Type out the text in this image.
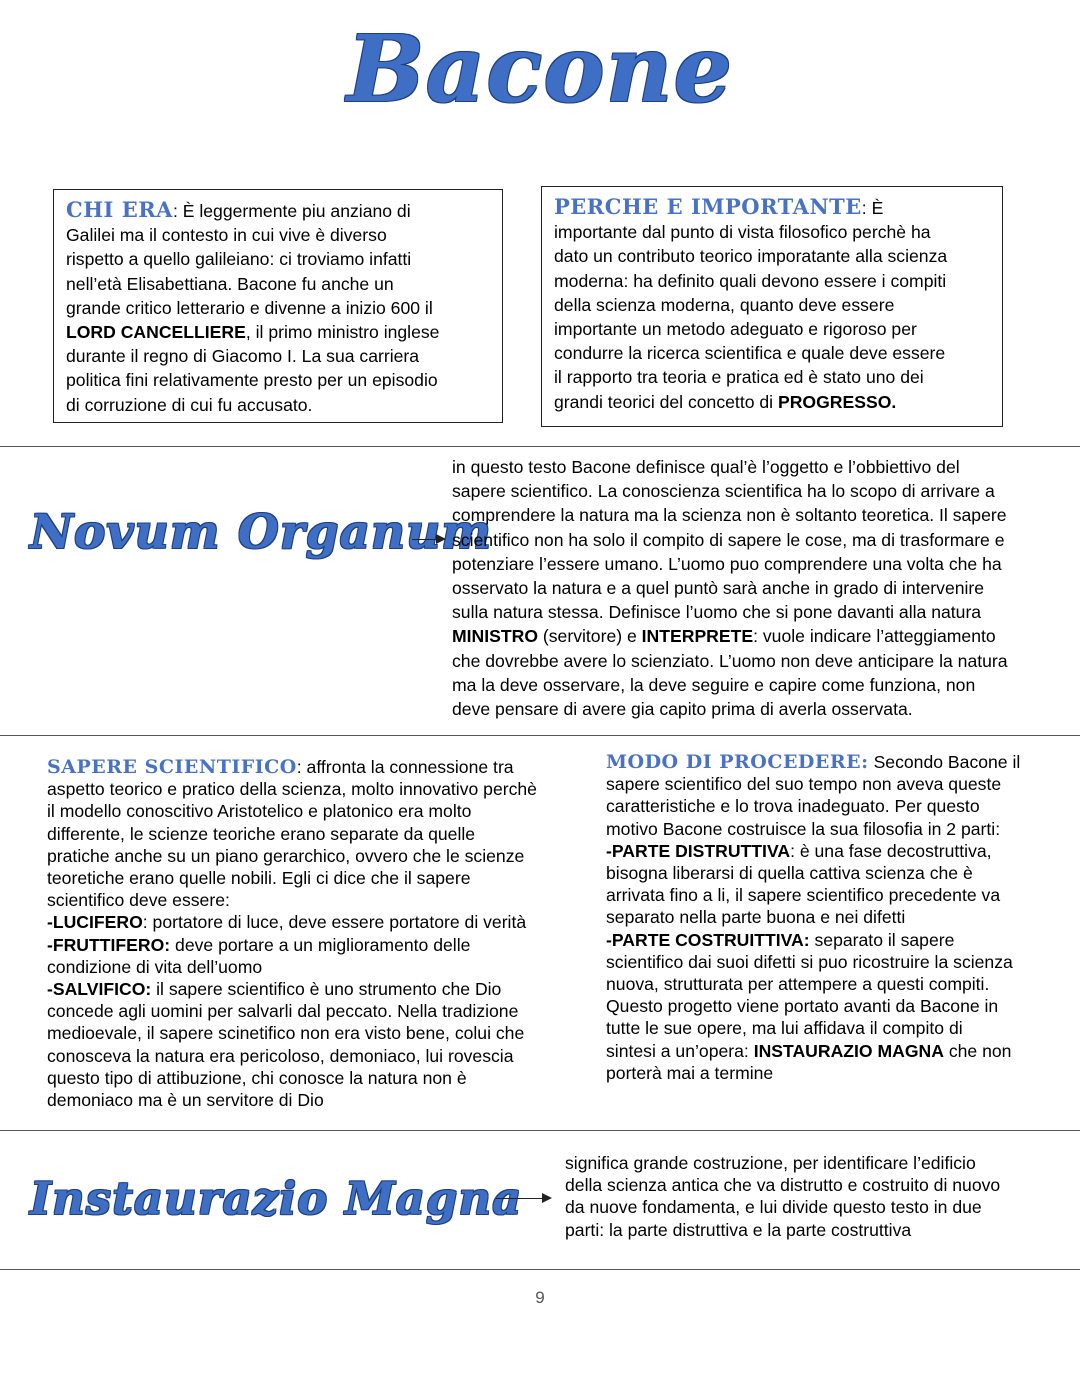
Bacone
CHI ERA: È leggermente piu anziano di
Galilei ma il contesto in cui vive è diverso
rispetto a quello galileiano: ci troviamo infatti
nell’età Elisabettiana. Bacone fu anche un
grande critico letterario e divenne a inizio 600 il
LORD CANCELLIERE, il primo ministro inglese
durante il regno di Giacomo I. La sua carriera
politica fini relativamente presto per un episodio
di corruzione di cui fu accusato.
PERCHE E IMPORTANTE: È
importante dal punto di vista filosofico perchè ha
dato un contributo teorico imporatante alla scienza
moderna: ha definito quali devono essere i compiti
della scienza moderna, quanto deve essere
importante un metodo adeguato e rigoroso per
condurre la ricerca scientifica e quale deve essere
il rapporto tra teoria e pratica ed è stato uno dei
grandi teorici del concetto di PROGRESSO.
Novum Organum
in questo testo Bacone definisce qual’è l’oggetto e l’obbiettivo del
sapere scientifico. La conoscienza scientifica ha lo scopo di arrivare a
comprendere la natura ma la scienza non è soltanto teoretica. Il sapere
scientifico non ha solo il compito di sapere le cose, ma di trasformare e
potenziare l’essere umano. L’uomo puo comprendere una volta che ha
osservato la natura e a quel puntò sarà anche in grado di intervenire
sulla natura stessa. Definisce l’uomo che si pone davanti alla natura
MINISTRO (servitore) e INTERPRETE: vuole indicare l’atteggiamento
che dovrebbe avere lo scienziato. L’uomo non deve anticipare la natura
ma la deve osservare, la deve seguire e capire come funziona, non
deve pensare di avere gia capito prima di averla osservata.
SAPERE SCIENTIFICO: affronta la connessione tra
aspetto teorico e pratico della scienza, molto innovativo perchè
il modello conoscitivo Aristotelico e platonico era molto
differente, le scienze teoriche erano separate da quelle
pratiche anche su un piano gerarchico, ovvero che le scienze
teoretiche erano quelle nobili. Egli ci dice che il sapere
scientifico deve essere:
-LUCIFERO: portatore di luce, deve essere portatore di verità
-FRUTTIFERO: deve portare a un miglioramento delle
condizione di vita dell’uomo
-SALVIFICO: il sapere scientifico è uno strumento che Dio
concede agli uomini per salvarli dal peccato. Nella tradizione
medioevale, il sapere scinetifico non era visto bene, colui che
conosceva la natura era pericoloso, demoniaco, lui rovescia
questo tipo di attibuzione, chi conosce la natura non è
demoniaco ma è un servitore di Dio
MODO DI PROCEDERE: Secondo Bacone il
sapere scientifico del suo tempo non aveva queste
caratteristiche e lo trova inadeguato. Per questo
motivo Bacone costruisce la sua filosofia in 2 parti:
-PARTE DISTRUTTIVA: è una fase decostruttiva,
bisogna liberarsi di quella cattiva scienza che è
arrivata fino a li, il sapere scientifico precedente va
separato nella parte buona e nei difetti
-PARTE COSTRUITTIVA: separato il sapere
scientifico dai suoi difetti si puo ricostruire la scienza
nuova, strutturata per attempere a questi compiti.
Questo progetto viene portato avanti da Bacone in
tutte le sue opere, ma lui affidava il compito di
sintesi a un’opera: INSTAURAZIO MAGNA che non
porterà mai a termine
Instaurazio Magna
significa grande costruzione, per identificare l’edificio
della scienza antica che va distrutto e costruito di nuovo
da nuove fondamenta, e lui divide questo testo in due
parti: la parte distruttiva e la parte costruttiva
9
